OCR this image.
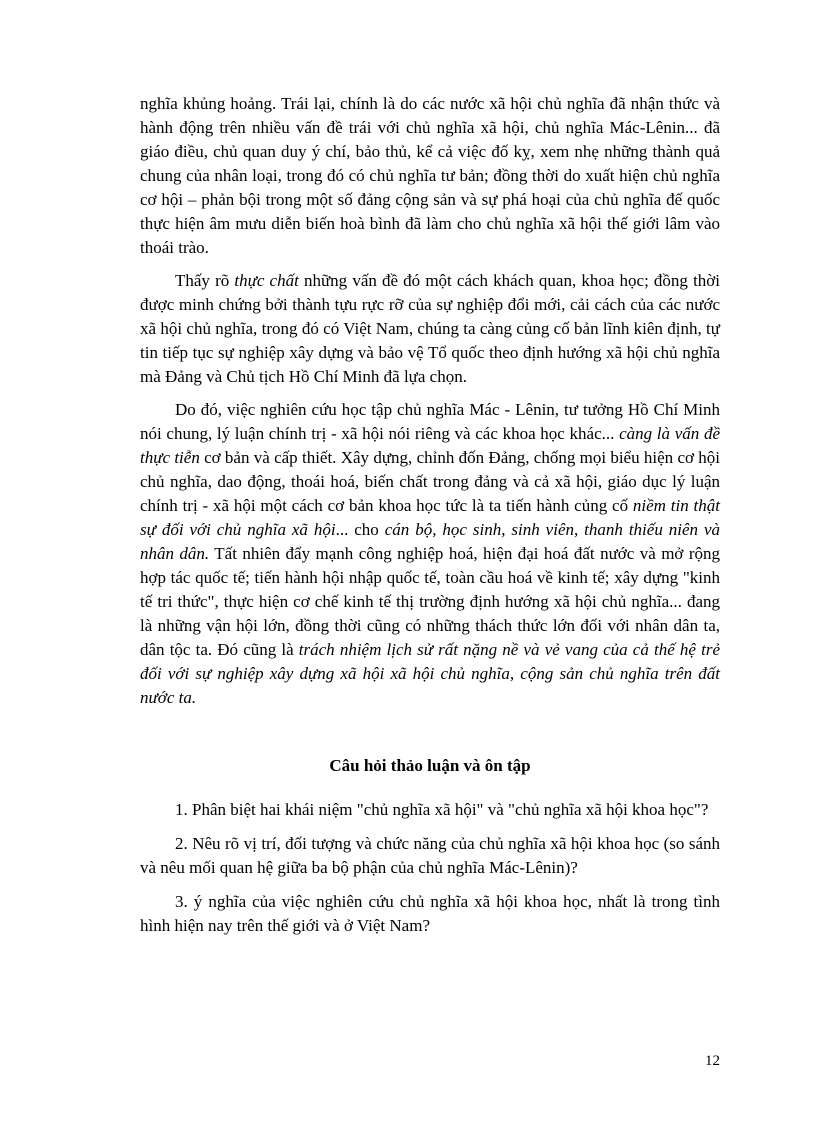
nghĩa khủng hoảng. Trái lại, chính là do các nước xã hội chủ nghĩa đã nhận thức và hành động trên nhiều vấn đề trái với chủ nghĩa xã hội, chủ nghĩa Mác-Lênin... đã giáo điều, chủ quan duy ý chí, bảo thủ, kể cả việc đố kỵ, xem nhẹ những thành quả chung của nhân loại, trong đó có chủ nghĩa tư bản; đồng thời do xuất hiện chủ nghĩa cơ hội – phản bội trong một số đảng cộng sản và sự phá hoại của chủ nghĩa đế quốc thực hiện âm mưu diễn biến hoà bình đã làm cho chủ nghĩa xã hội thế giới lâm vào thoái trào.

Thấy rõ thực chất những vấn đề đó một cách khách quan, khoa học; đồng thời được minh chứng bởi thành tựu rực rỡ của sự nghiệp đổi mới, cải cách của các nước xã hội chủ nghĩa, trong đó có Việt Nam, chúng ta càng củng cố bản lĩnh kiên định, tự tin tiếp tục sự nghiệp xây dựng và bảo vệ Tổ quốc theo định hướng xã hội chủ nghĩa mà Đảng và Chủ tịch Hồ Chí Minh đã lựa chọn.

Do đó, việc nghiên cứu học tập chủ nghĩa Mác - Lênin, tư tưởng Hồ Chí Minh nói chung, lý luận chính trị - xã hội nói riêng và các khoa học khác... càng là vấn đề thực tiễn cơ bản và cấp thiết. Xây dựng, chỉnh đốn Đảng, chống mọi biểu hiện cơ hội chủ nghĩa, dao động, thoái hoá, biến chất trong đảng và cả xã hội, giáo dục lý luận chính trị - xã hội một cách cơ bản khoa học tức là ta tiến hành củng cố niềm tin thật sự đối với chủ nghĩa xã hội... cho cán bộ, học sinh, sinh viên, thanh thiếu niên và nhân dân. Tất nhiên đẩy mạnh công nghiệp hoá, hiện đại hoá đất nước và mở rộng hợp tác quốc tế; tiến hành hội nhập quốc tế, toàn cầu hoá về kinh tế; xây dựng "kinh tế tri thức", thực hiện cơ chế kinh tế thị trường định hướng xã hội chủ nghĩa... đang là những vận hội lớn, đồng thời cũng có những thách thức lớn đối với nhân dân ta, dân tộc ta. Đó cũng là trách nhiệm lịch sử rất nặng nề và vẻ vang của cả thế hệ trẻ đối với sự nghiệp xây dựng xã hội xã hội chủ nghĩa, cộng sản chủ nghĩa trên đất nước ta.

Câu hỏi thảo luận và ôn tập

1. Phân biệt hai khái niệm "chủ nghĩa xã hội" và "chủ nghĩa xã hội khoa học"?

2. Nêu rõ vị trí, đối tượng và chức năng của chủ nghĩa xã hội khoa học (so sánh và nêu mối quan hệ giữa ba bộ phận của chủ nghĩa Mác-Lênin)?

3. ý nghĩa của việc nghiên cứu chủ nghĩa xã hội khoa học, nhất là trong tình hình hiện nay trên thế giới và ở Việt Nam?

12
